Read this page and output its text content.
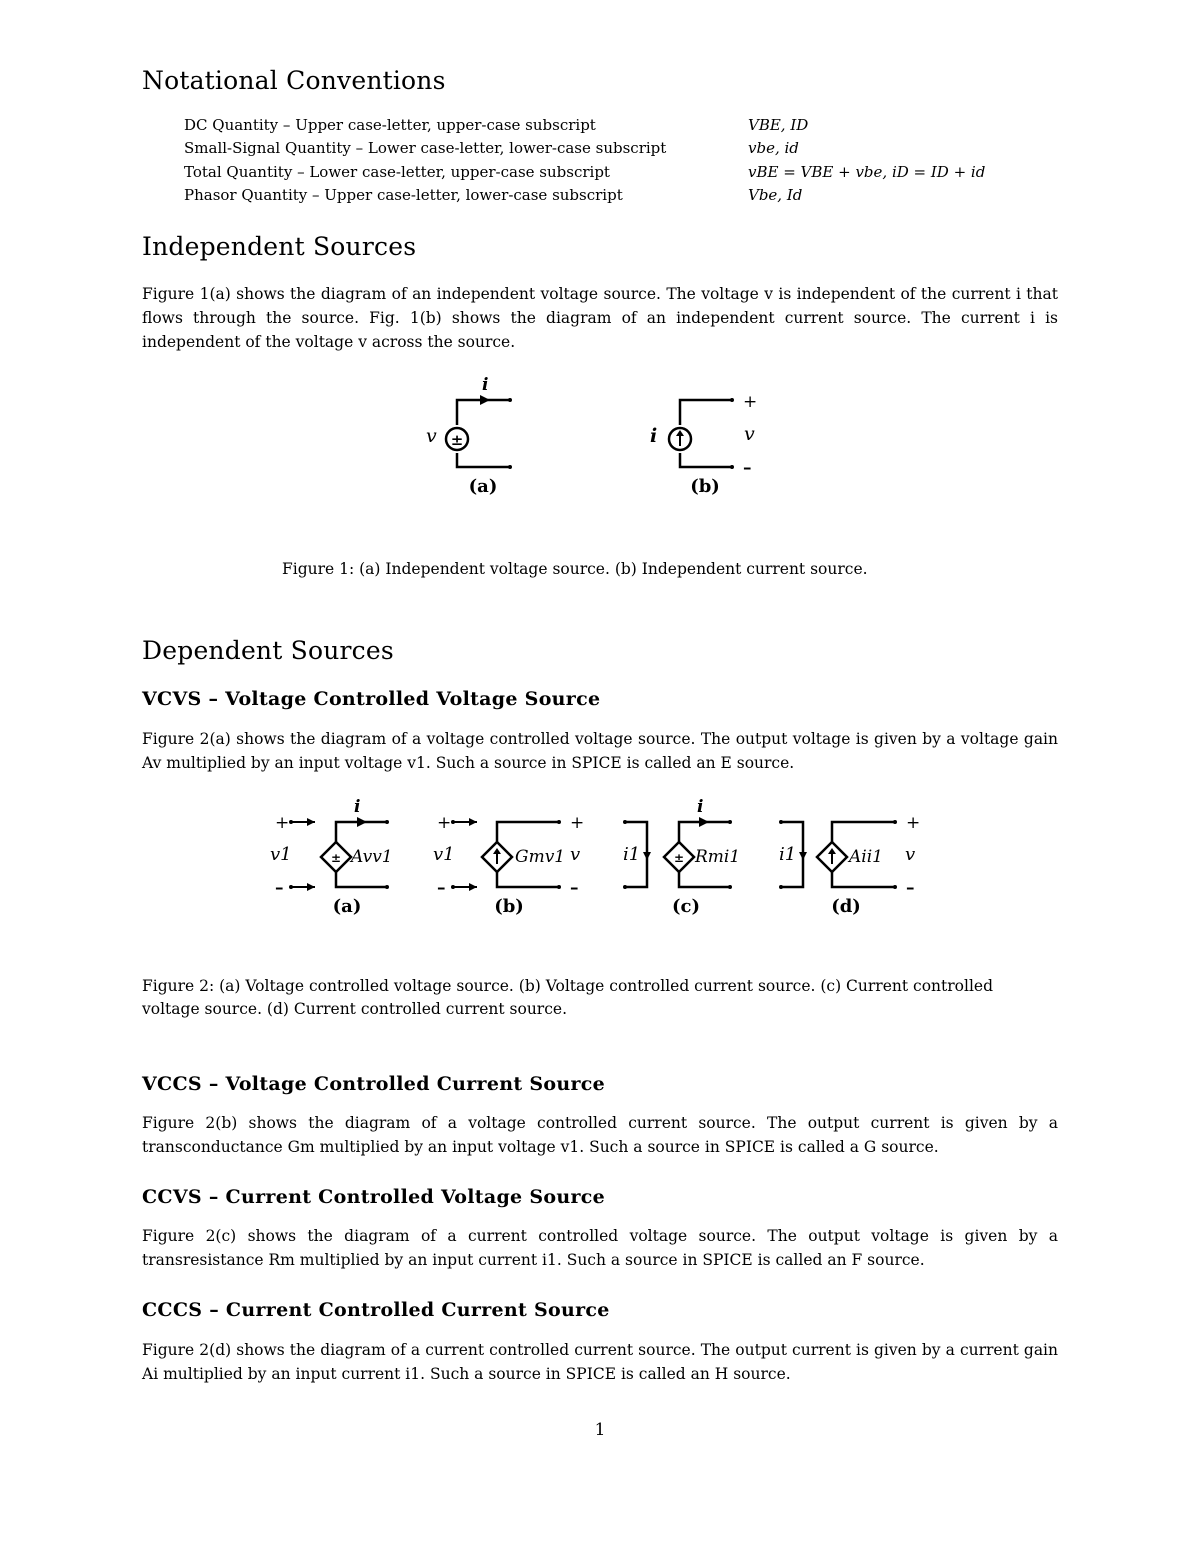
Notational Conventions
DC Quantity – Upper case-letter, upper-case subscript	VBE, ID
Small-Signal Quantity – Lower case-letter, lower-case subscript	vbe, id
Total Quantity – Lower case-letter, upper-case subscript	vBE = VBE + vbe, iD = ID + id
Phasor Quantity – Upper case-letter, lower-case subscript	Vbe, Id
Independent Sources

Figure 1(a) shows the diagram of an independent voltage source. The voltage v is independent of the current i that flows through the source. Fig. 1(b) shows the diagram of an independent current source. The current i is independent of the voltage v across the source.

±
i
v
(a)
i
+
v
–
(b)

Figure 1: (a) Independent voltage source. (b) Independent current source.

Dependent Sources
VCVS – Voltage Controlled Voltage Source

Figure 2(a) shows the diagram of a voltage controlled voltage source. The output voltage is given by a voltage gain Av multiplied by an input voltage v1. Such a source in SPICE is called an E source.

+
v1
–
±
i
Avv1
(a)
+
v1
–
Gmv1
+
v
–
(b)
i1	±
i
Rmi1
(c)
i1	Aii1
+
v
–
(d)

Figure 2: (a) Voltage controlled voltage source. (b) Voltage controlled current source. (c) Current controlled

voltage source. (d) Current controlled current source.

VCCS – Voltage Controlled Current Source

Figure 2(b) shows the diagram of a voltage controlled current source. The output current is given by a transconductance Gm multiplied by an input voltage v1. Such a source in SPICE is called a G source.

CCVS – Current Controlled Voltage Source

Figure 2(c) shows the diagram of a current controlled voltage source. The output voltage is given by a transresistance Rm multiplied by an input current i1. Such a source in SPICE is called an F source.

CCCS – Current Controlled Current Source

Figure 2(d) shows the diagram of a current controlled current source. The output current is given by a current gain Ai multiplied by an input current i1. Such a source in SPICE is called an H source.

1
